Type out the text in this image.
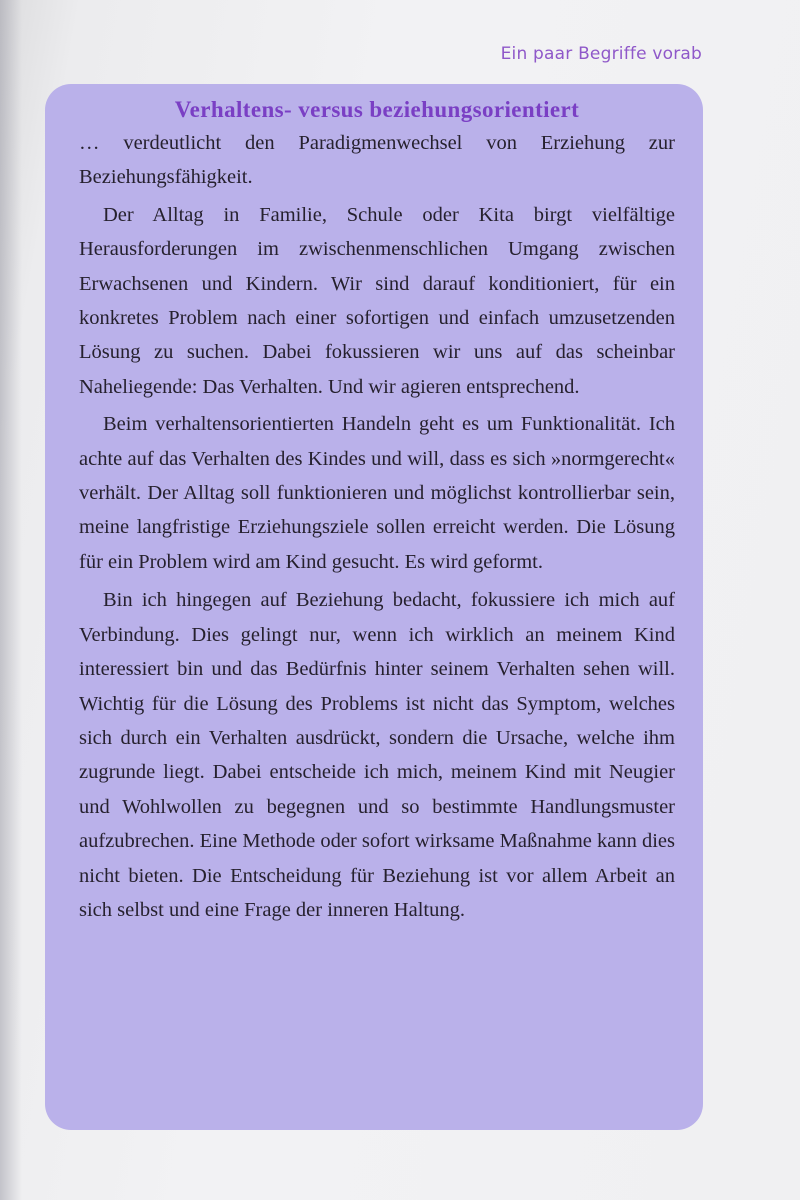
Ein paar Begriffe vorab
Verhaltens- versus beziehungsorientiert

… verdeutlicht den Paradigmenwechsel von Erziehung zur Beziehungsfähigkeit.

Der Alltag in Familie, Schule oder Kita birgt vielfältige Herausforderungen im zwischenmenschlichen Umgang zwischen Erwachsenen und Kindern. Wir sind darauf konditioniert, für ein konkretes Problem nach einer sofortigen und einfach umzusetzenden Lösung zu suchen. Dabei fokussieren wir uns auf das scheinbar Naheliegende: Das Verhalten. Und wir agieren entsprechend.

Beim verhaltensorientierten Handeln geht es um Funktionalität. Ich achte auf das Verhalten des Kindes und will, dass es sich »normgerecht« verhält. Der Alltag soll funktionieren und möglichst kontrollierbar sein, meine langfristige Erziehungsziele sollen erreicht werden. Die Lösung für ein Problem wird am Kind gesucht. Es wird geformt.

Bin ich hingegen auf Beziehung bedacht, fokussiere ich mich auf Verbindung. Dies gelingt nur, wenn ich wirklich an meinem Kind interessiert bin und das Bedürfnis hinter seinem Verhalten sehen will. Wichtig für die Lösung des Problems ist nicht das Symptom, welches sich durch ein Verhalten ausdrückt, sondern die Ursache, welche ihm zugrunde liegt. Dabei entscheide ich mich, meinem Kind mit Neugier und Wohlwollen zu begegnen und so bestimmte Handlungsmuster aufzubrechen. Eine Methode oder sofort wirksame Maßnahme kann dies nicht bieten. Die Entscheidung für Beziehung ist vor allem Arbeit an sich selbst und eine Frage der inneren Haltung.
